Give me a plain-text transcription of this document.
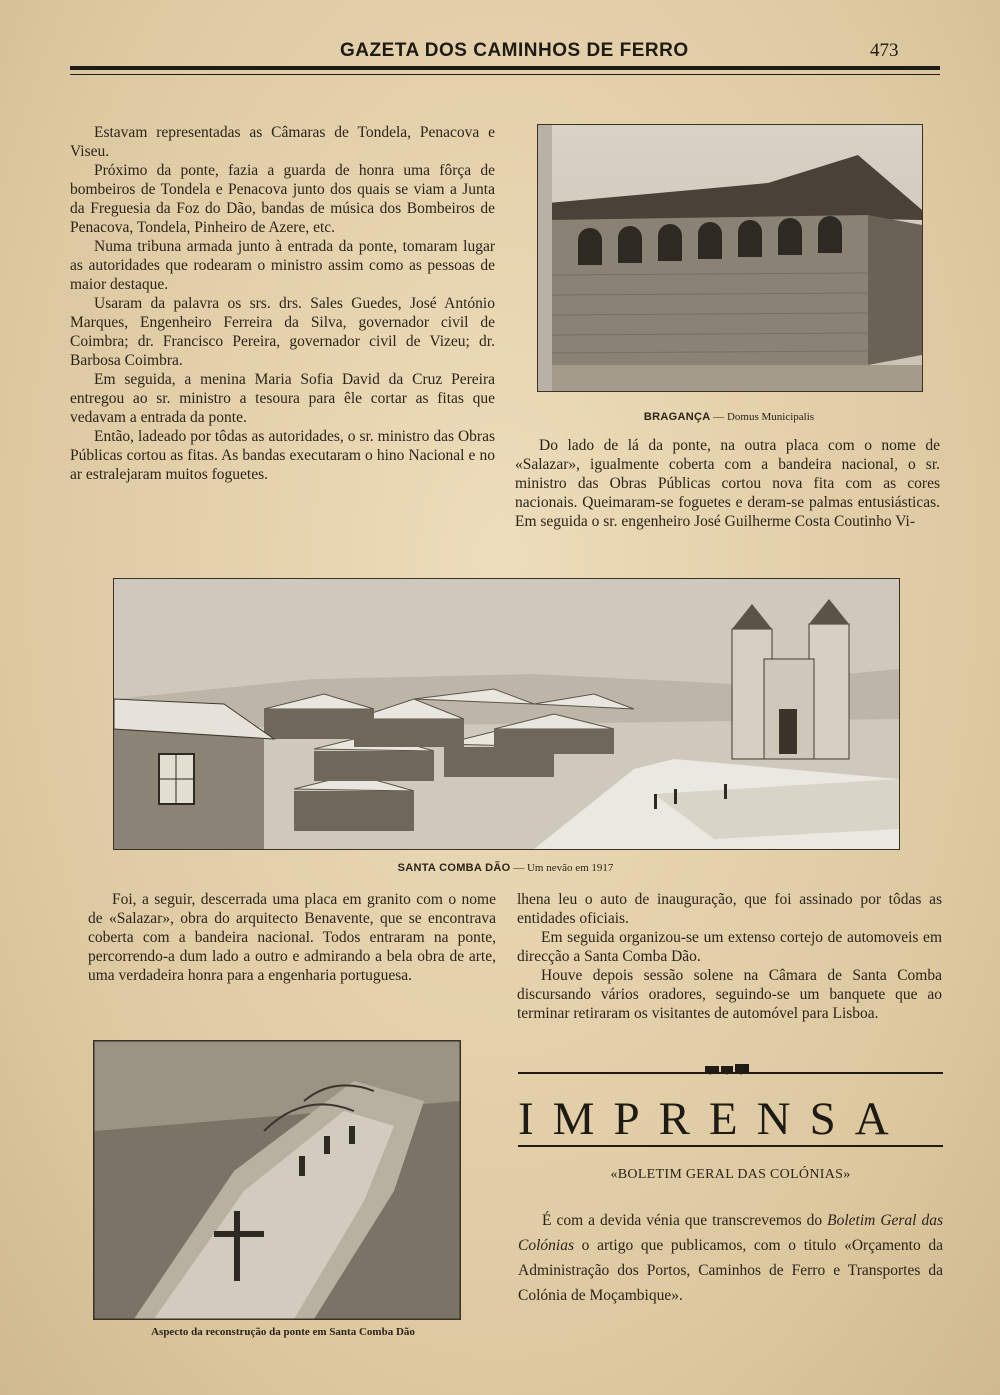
GAZETA DOS CAMINHOS DE FERRO	473

Estavam representadas as Câmaras de Tondela, Penacova e Viseu.

Próximo da ponte, fazia a guarda de honra uma fôrça de bombeiros de Tondela e Penacova junto dos quais se viam a Junta da Freguesia da Foz do Dão, bandas de música dos Bombeiros de Penacova, Tondela, Pinheiro de Azere, etc.

Numa tribuna armada junto à entrada da ponte, tomaram lugar as autoridades que rodearam o ministro assim como as pessoas de maior destaque.

Usaram da palavra os srs. drs. Sales Guedes, José António Marques, Engenheiro Ferreira da Silva, governador civil de Coimbra; dr. Francisco Pereira, governador civil de Vizeu; dr. Barbosa Coimbra.

Em seguida, a menina Maria Sofia David da Cruz Pereira entregou ao sr. ministro a tesoura para êle cortar as fitas que vedavam a entrada da ponte.

Então, ladeado por tôdas as autoridades, o sr. ministro das Obras Públicas cortou as fitas. As bandas executaram o hino Nacional e no ar estralejaram muitos foguetes.

BRAGANÇA — Domus Municipalis

Do lado de lá da ponte, na outra placa com o nome de «Salazar», igualmente coberta com a bandeira nacional, o sr. ministro das Obras Públicas cortou nova fita com as cores nacionais. Queimaram-se foguetes e deram-se palmas entusiásticas. Em seguida o sr. engenheiro José Guilherme Costa Coutinho Vi-

SANTA COMBA DÃO — Um nevão em 1917

Foi, a seguir, descerrada uma placa em granito com o nome de «Salazar», obra do arquitecto Benavente, que se encontrava coberta com a bandeira nacional. Todos entraram na ponte, percorrendo-a dum lado a outro e admirando a bela obra de arte, uma verdadeira honra para a engenharia portuguesa.

lhena leu o auto de inauguração, que foi assinado por tôdas as entidades oficiais.

Em seguida organizou-se um extenso cortejo de automoveis em direcção a Santa Comba Dão.

Houve depois sessão solene na Câmara de Santa Comba discursando vários oradores, seguindo-se um banquete que ao terminar retiraram os visitantes de automóvel para Lisboa.

Aspecto da reconstrução da ponte em Santa Comba Dão
IMPRENSA
«BOLETIM GERAL DAS COLÓNIAS»

É com a devida vénia que transcrevemos do Boletim Geral das Colónias o artigo que publicamos, com o titulo «Orçamento da Administração dos Portos, Caminhos de Ferro e Transportes da Colónia de Moçambique».
